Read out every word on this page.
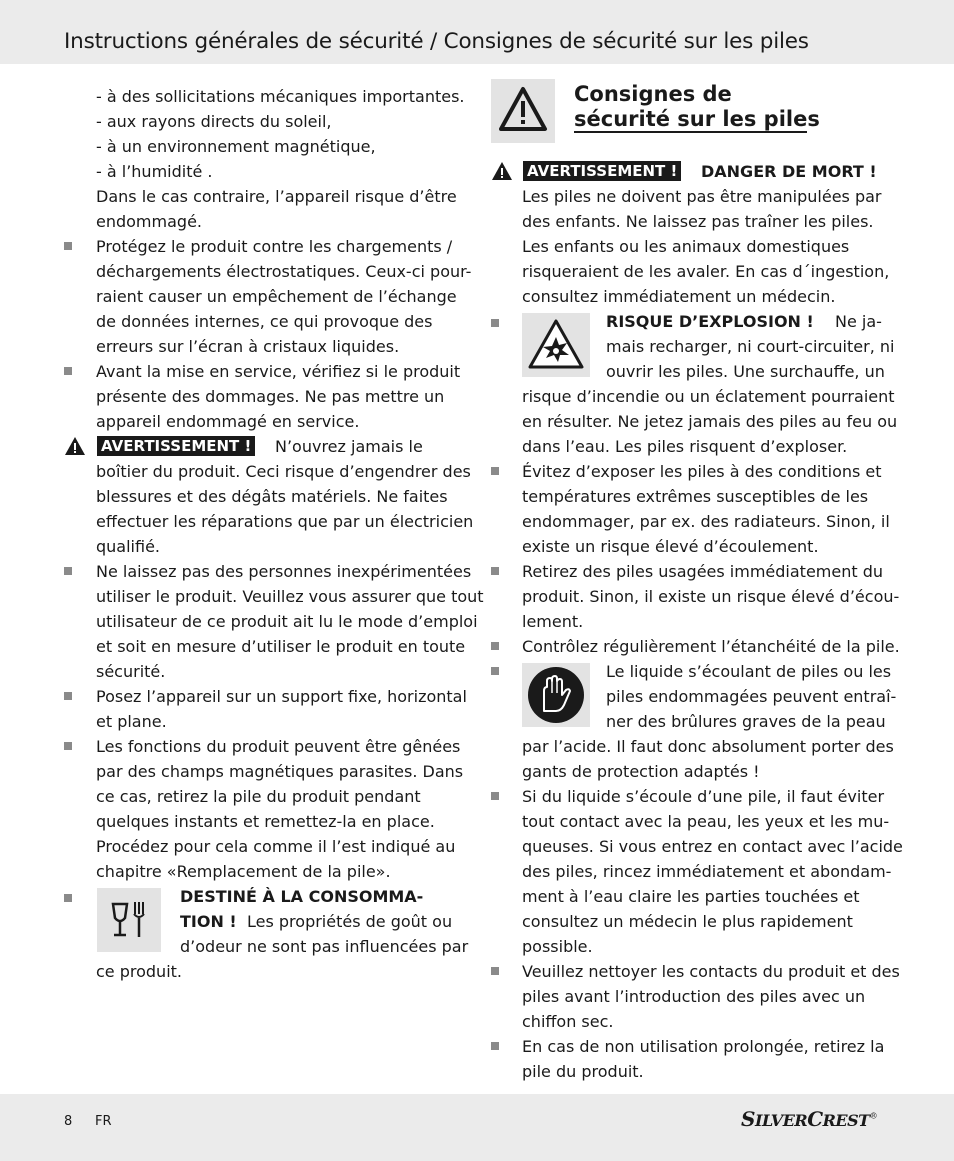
Instructions générales de sécurité / Consignes de sécurité sur les piles
- à des sollicitations mécaniques importantes.
- aux rayons directs du soleil,
- à un environnement magnétique,
- à l’humidité .
Dans le cas contraire, l’appareil risque d’être
endommagé.
Protégez le produit contre les chargements /
déchargements électrostatiques. Ceux-ci pour-
raient causer un empêchement de l’échange
de données internes, ce qui provoque des
erreurs sur l’écran à cristaux liquides.
Avant la mise en service, vérifiez si le produit
présente des dommages. Ne pas mettre un
appareil endommagé en service.
AVERTISSEMENT ! N’ouvrez jamais le
boîtier du produit. Ceci risque d’engendrer des
blessures et des dégâts matériels. Ne faites
effectuer les réparations que par un électricien
qualifié.
Ne laissez pas des personnes inexpérimentées
utiliser le produit. Veuillez vous assurer que tout
utilisateur de ce produit ait lu le mode d’emploi
et soit en mesure d’utiliser le produit en toute
sécurité.
Posez l’appareil sur un support fixe, horizontal
et plane.
Les fonctions du produit peuvent être gênées
par des champs magnétiques parasites. Dans
ce cas, retirez la pile du produit pendant
quelques instants et remettez-la en place.
Procédez pour cela comme il l’est indiqué au
chapitre «Remplacement de la pile».
DESTINÉ À LA CONSOMMA-
TION ! Les propriétés de goût ou
d’odeur ne sont pas influencées par
ce produit.
Consignes de
sécurité sur les piles
AVERTISSEMENT ! DANGER DE MORT !
Les piles ne doivent pas être manipulées par
des enfants. Ne laissez pas traîner les piles.
Les enfants ou les animaux domestiques
risqueraient de les avaler. En cas d´ingestion,
consultez immédiatement un médecin.
RISQUE D’EXPLOSION ! Ne ja-
mais recharger, ni court-circuiter, ni
ouvrir les piles. Une surchauffe, un
risque d’incendie ou un éclatement pourraient
en résulter. Ne jetez jamais des piles au feu ou
dans l’eau. Les piles risquent d’exploser.
Évitez d’exposer les piles à des conditions et
températures extrêmes susceptibles de les
endommager, par ex. des radiateurs. Sinon, il
existe un risque élevé d’écoulement.
Retirez des piles usagées immédiatement du
produit. Sinon, il existe un risque élevé d’écou-
lement.
Contrôlez régulièrement l’étanchéité de la pile.
Le liquide s’écoulant de piles ou les
piles endommagées peuvent entraî-
ner des brûlures graves de la peau
par l’acide. Il faut donc absolument porter des
gants de protection adaptés !
Si du liquide s’écoule d’une pile, il faut éviter
tout contact avec la peau, les yeux et les mu-
queuses. Si vous entrez en contact avec l’acide
des piles, rincez immédiatement et abondam-
ment à l’eau claire les parties touchées et
consultez un médecin le plus rapidement
possible.
Veuillez nettoyer les contacts du produit et des
piles avant l’introduction des piles avec un
chiffon sec.
En cas de non utilisation prolongée, retirez la
pile du produit.
8 FR	SILVERCREST®
